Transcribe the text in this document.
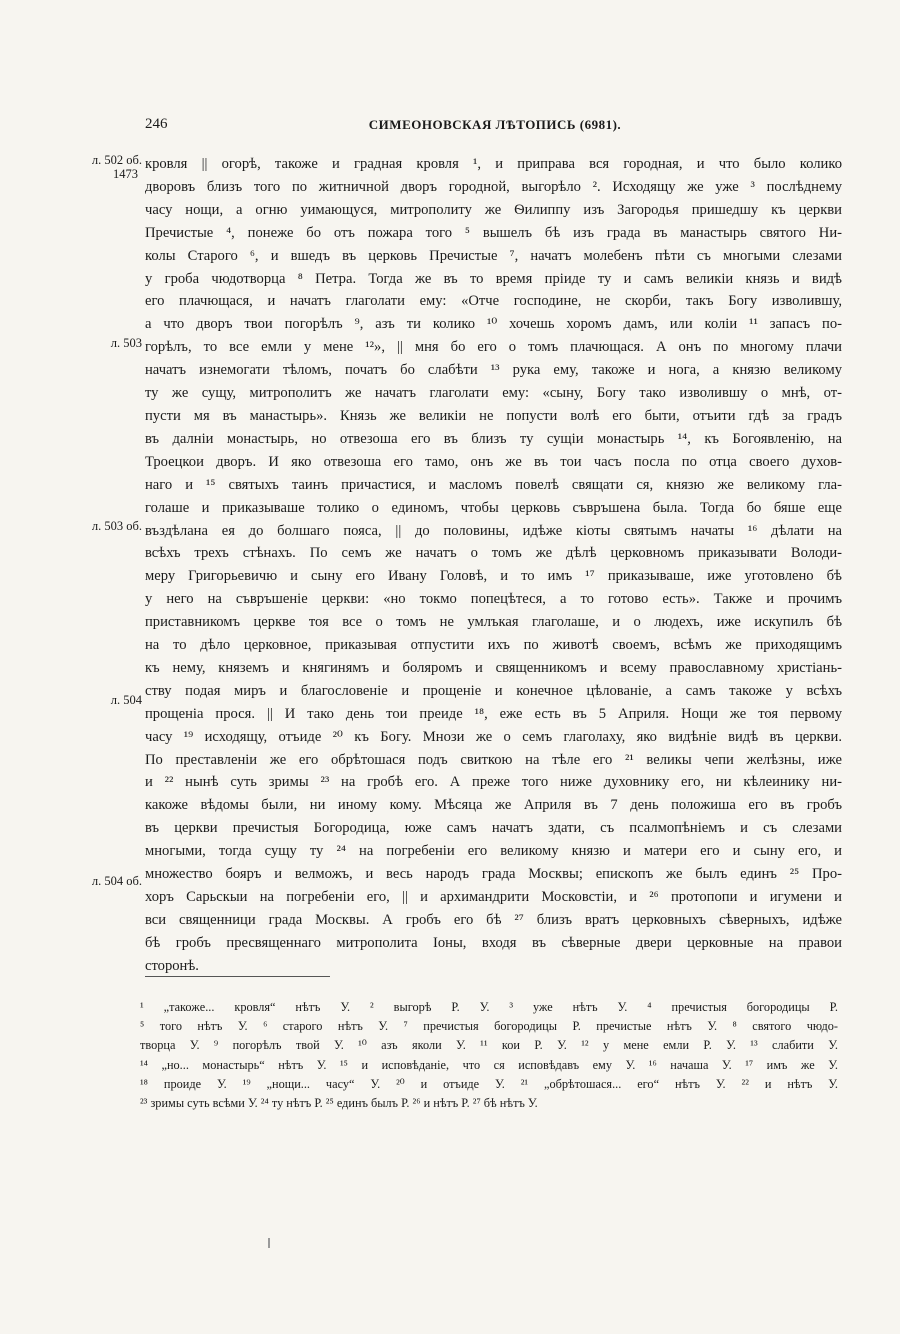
246	СИМЕОНОВСКАЯ ЛѢТОПИСЬ (6981).
л. 502 об.
1473
л. 503
л. 503 об.
л. 504
л. 504 об.

кровля || огорѣ, такожe и градная кровля ¹, и приправа вся городная, и что было колико

дворовъ близъ того по житничной дворъ городной, выгорѣло ². Исходящу же уже ³ послѣднему

часу нощи, а огню уимающуся, митрополиту же Ѳилиппу изъ Загородья пришедшу къ церкви

Пречистые ⁴, понеже бо отъ пожара того ⁵ вышелъ бѣ изъ града въ манастырь святого Ни-

колы Старого ⁶, и вшедъ въ церковь Пречистые ⁷, начатъ молебенъ пѣти съ многыми слезами

у гроба чюдотворца ⁸ Петра. Тогда же въ то время пріиде ту и самъ великіи князь и видѣ

его плачющася, и начатъ глаголати ему: «Отче господине, не скорби, такъ Богу изволившу,

а что дворъ твои погорѣлъ ⁹, азъ ти колико ¹⁰ хочешь хоромъ дамъ, или коліи ¹¹ запасъ по-

горѣлъ, то все емли у мене ¹²», || мня бо его о томъ плачющася. А онъ по многому плачи

начатъ изнемогати тѣломъ, початъ бо слабѣти ¹³ рука ему, такожe и нога, а князю великому

ту же сущу, митрополитъ же начатъ глаголати ему: «сыну, Богу тако изволившу о мнѣ, от-

пусти мя въ манастырь». Князь же великіи не попусти волѣ его быти, отъити гдѣ за градъ

въ далніи монастырь, но отвезоша его въ близъ ту сущіи монастырь ¹⁴, къ Богоявленію, на

Троецкои дворъ. И яко отвезоша его тамо, онъ же въ тои часъ посла по отца своего духов-

наго и ¹⁵ святыхъ таинъ причастися, и масломъ повелѣ свящати ся, князю же великому гла-

голаше и приказываше толико о единомъ, чтобы церковь съвръшена была. Тогда бо бяше еще

въздѣлана ея до болшаго пояса, || до половины, идѣже кіоты святымъ начаты ¹⁶ дѣлати на

всѣхъ трехъ стѣнахъ. По семъ же начатъ о томъ же дѣлѣ церковномъ приказывати Володи-

меру Григорьевичю и сыну его Ивану Головѣ, и то имъ ¹⁷ приказываше, иже уготовлено бѣ

у него на съвръшеніе церкви: «но токмо попецѣтеся, а то готово есть». Также и прочимъ

приставникомъ церкве тоя все о томъ не умлъкая глаголаше, и о людехъ, иже искупилъ бѣ

на то дѣло церковное, приказывая отпустити ихъ по животѣ своемъ, всѣмъ же приходящимъ

къ нему, княземъ и княгинямъ и боляромъ и священникомъ и всему православному христіань-

ству подая миръ и благословеніе и прощеніе и конечное цѣлованіе, а самъ такожe у всѣхъ

прощеніа прося. || И тако день тои преиде ¹⁸, еже есть въ 5 Априля. Нощи же тоя первому

часу ¹⁹ исходящу, отъиде ²⁰ къ Богу. Мнози же о семъ глаголаху, яко видѣніе видѣ въ церкви.

По преставленіи же его обрѣтошася подъ свиткою на тѣле его ²¹ великы чепи желѣзны, иже

и ²² нынѣ суть зримы ²³ на гробѣ его. А преже того ниже духовнику его, ни кѣлеинику ни-

какоже вѣдомы были, ни иному кому. Мѣсяца же Априля въ 7 день положиша его въ гробъ

въ церкви пречистыя Богородица, юже самъ начатъ здати, съ псалмопѣніемъ и съ слезами

многыми, тогда сущу ту ²⁴ на погребеніи его великому князю и матери его и сыну его, и

множество бояръ и велможъ, и весь народъ града Москвы; епископъ же былъ единъ ²⁵ Про-

хоръ Сарьскыи на погребеніи его, || и архимандрити Московстіи, и ²⁶ протопопи и игумени и

вси священници града Москвы. А гробъ его бѣ ²⁷ близъ вратъ церковныхъ сѣверныхъ, идѣже

бѣ гробъ пресвященнаго митрополита Іоны, входя въ сѣверные двери церковные на правои

сторонѣ.

¹ „такожe... кровля“ нѣтъ У. ² выгорѣ Р. У. ³ уже нѣтъ У. ⁴ пречистыя богородицы Р.

⁵ того нѣтъ У. ⁶ старого нѣтъ У. ⁷ пречистыя богородицы Р. пречистые нѣтъ У. ⁸ святого чюдо-

творца У. ⁹ погорѣлъ твой У. ¹⁰ азъ яколи У. ¹¹ кои Р. У. ¹² у мене емли Р. У. ¹³ слабити У.

¹⁴ „но... монастырь“ нѣтъ У. ¹⁵ и исповѣданіе, что ся исповѣдавъ ему У. ¹⁶ начаша У. ¹⁷ имъ же У.

¹⁸ проиде У. ¹⁹ „нощи... часу“ У. ²⁰ и отъиде У. ²¹ „обрѣтошася... его“ нѣтъ У. ²² и нѣтъ У.

²³ зримы суть всѣми У. ²⁴ ту нѣтъ Р. ²⁵ единъ былъ Р. ²⁶ и нѣтъ Р. ²⁷ бѣ нѣтъ У.
